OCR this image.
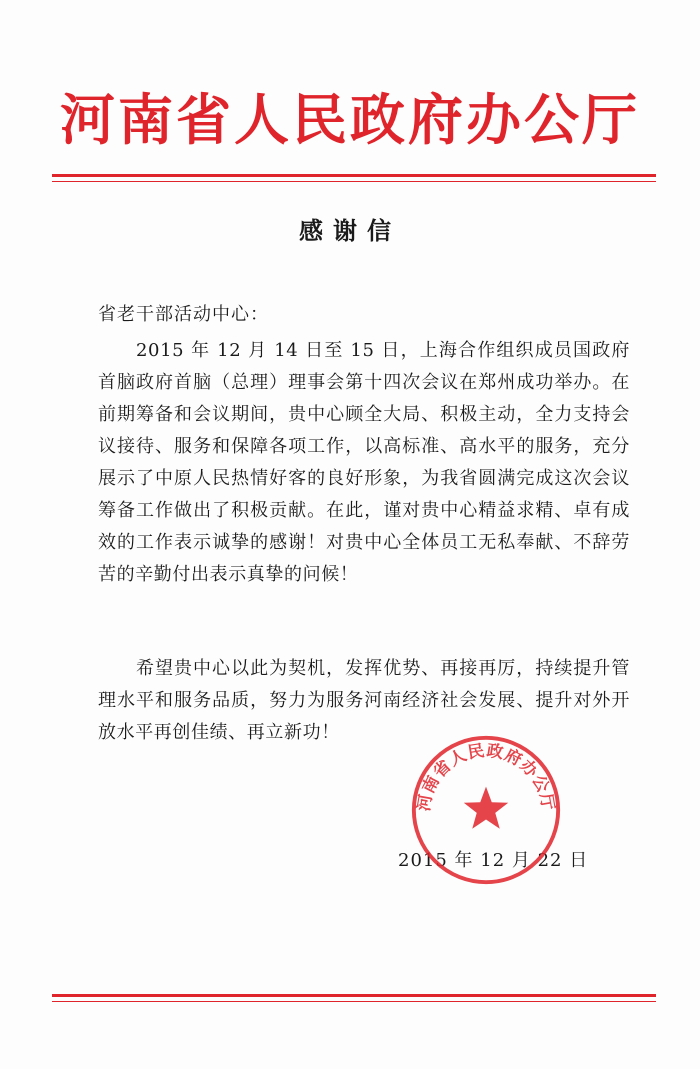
河南省人民政府办公厅
感谢信
省老干部活动中心：
2015 年 12 月 14 日至 15 日，上海合作组织成员国政府首脑政府首脑（总理）理事会第十四次会议在郑州成功举办。在前期筹备和会议期间，贵中心顾全大局、积极主动，全力支持会议接待、服务和保障各项工作，以高标准、高水平的服务，充分展示了中原人民热情好客的良好形象，为我省圆满完成这次会议筹备工作做出了积极贡献。在此，谨对贵中心精益求精、卓有成效的工作表示诚挚的感谢！对贵中心全体员工无私奉献、不辞劳苦的辛勤付出表示真挚的问候！
希望贵中心以此为契机，发挥优势、再接再厉，持续提升管理水平和服务品质，努力为服务河南经济社会发展、提升对外开放水平再创佳绩、再立新功！
2015 年 12 月 22 日
河南省人民政府办公厅
